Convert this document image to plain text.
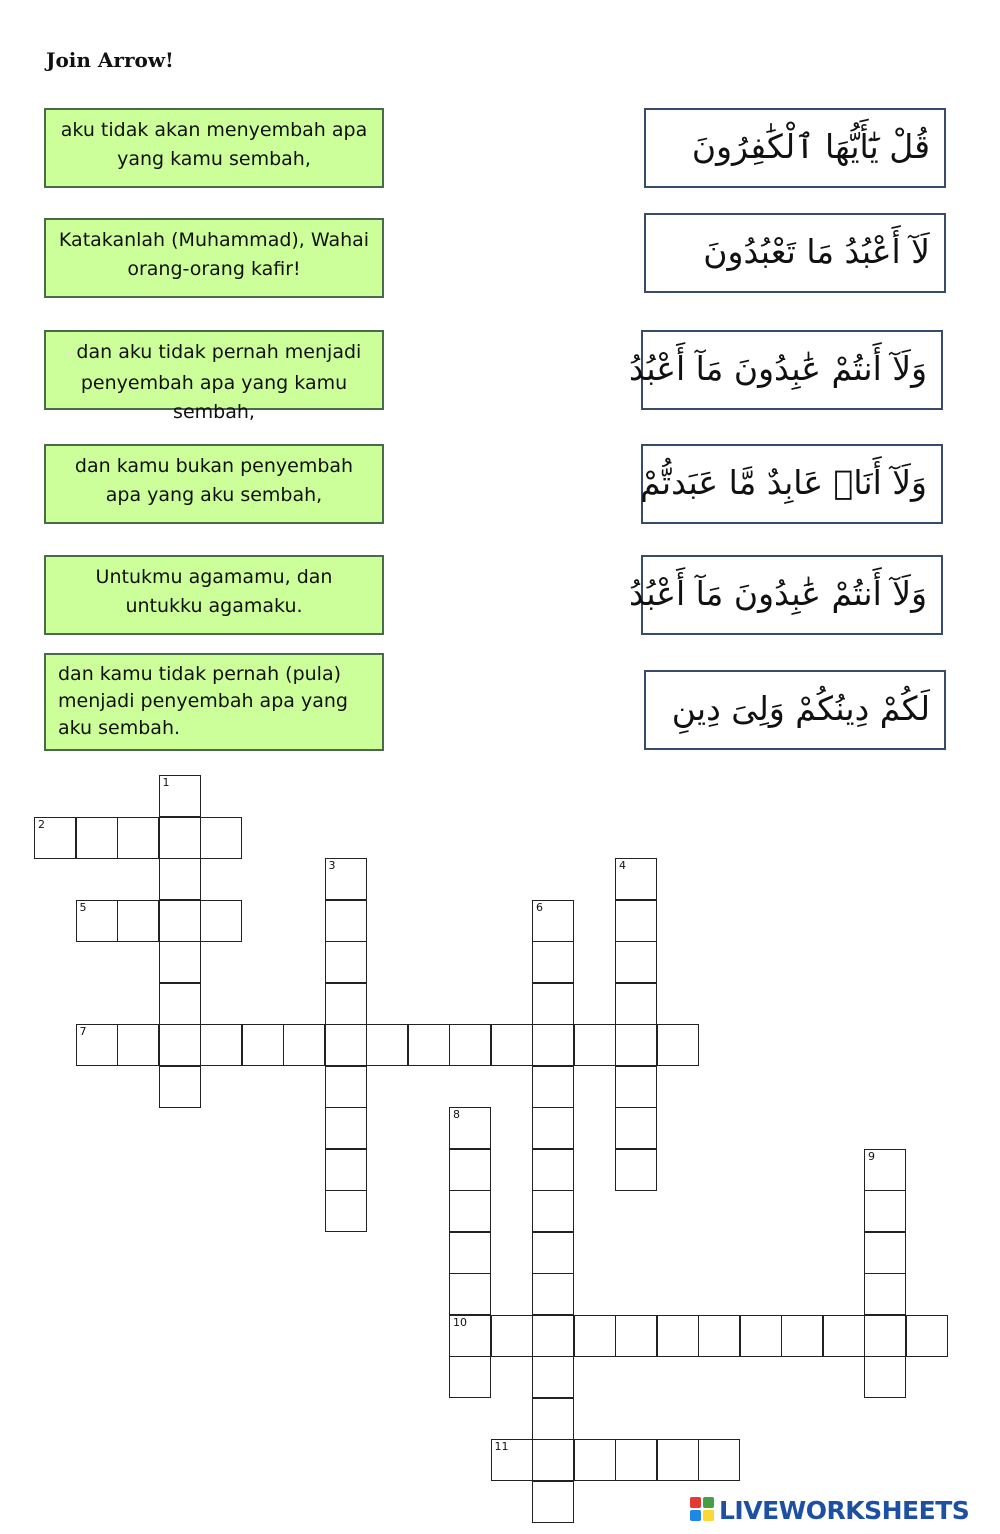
Join Arrow!
aku tidak akan menyembah apa yang kamu sembah,
Katakanlah (Muhammad), Wahai orang-orang kafir!
s dan aku tidak pernah menjadi penyembah apa yang kamu sembah,
dan kamu bukan penyembah apa yang aku sembah,
Untukmu agamamu, dan untukku agamaku.
dan kamu tidak pernah (pula) menjadi penyembah apa yang aku sembah.
قُلْ يَٰٓأَيُّهَا ٱلْكَٰفِرُونَ
لَآ أَعْبُدُ مَا تَعْبُدُونَ
وَلَآ أَنتُمْ عَٰبِدُونَ مَآ أَعْبُدُ
وَلَآ أَنَا۠ عَابِدٌ مَّا عَبَدتُّمْ
وَلَآ أَنتُمْ عَٰبِدُونَ مَآ أَعْبُدُ
لَكُمْ دِينُكُمْ وَلِىَ دِينِ
1
2
3	4
5	6
7
8
10
9
11
LIVEWORKSHEETS
